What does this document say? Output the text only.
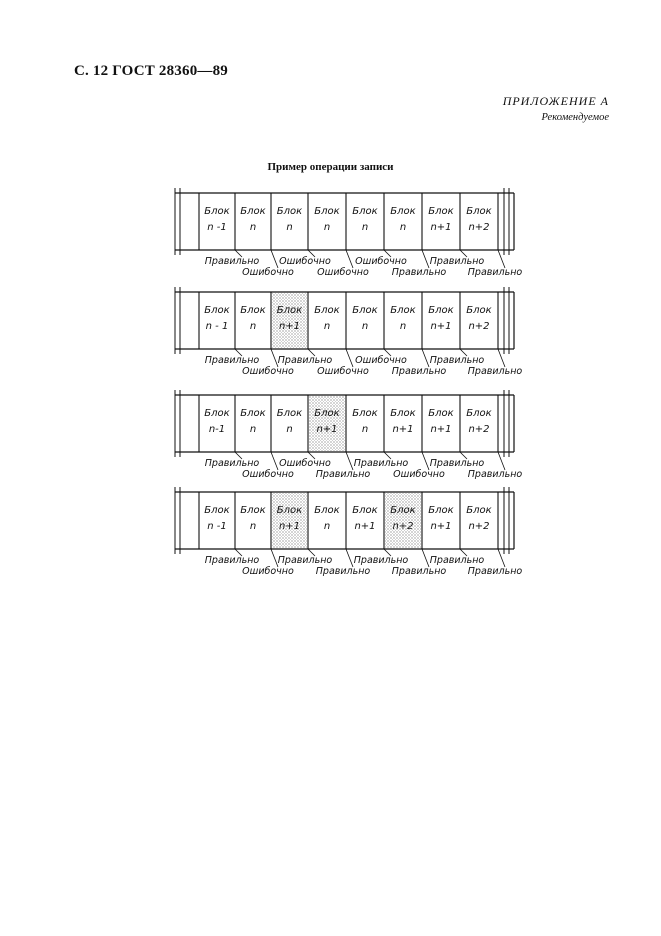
С. 12 ГОСТ 28360—89
ПРИЛОЖЕНИЕ А
Рекомендуемое
Пример операции записи
Блок
n -1
Блок
n
Блок
n
Блок
n
Блок
n
Блок
n
Блок
n+1
Блок
n+2
Правильно
Ошибочно
Ошибочно
Ошибочно
Ошибочно
Правильно
Правильно
Правильно
Блок
n - 1
Блок
n
Блок
n+1
Блок
n
Блок
n
Блок
n
Блок
n+1
Блок
n+2
Правильно
Ошибочно
Правильно
Ошибочно
Ошибочно
Правильно
Правильно
Правильно
Блок
n-1
Блок
n
Блок
n
Блок
n+1
Блок
n
Блок
n+1
Блок
n+1
Блок
n+2
Правильно
Ошибочно
Ошибочно
Правильно
Правильно
Ошибочно
Правильно
Правильно
Блок
n -1
Блок
n
Блок
n+1
Блок
n
Блок
n+1
Блок
n+2
Блок
n+1
Блок
n+2
Правильно
Ошибочно
Правильно
Правильно
Правильно
Правильно
Правильно
Правильно
